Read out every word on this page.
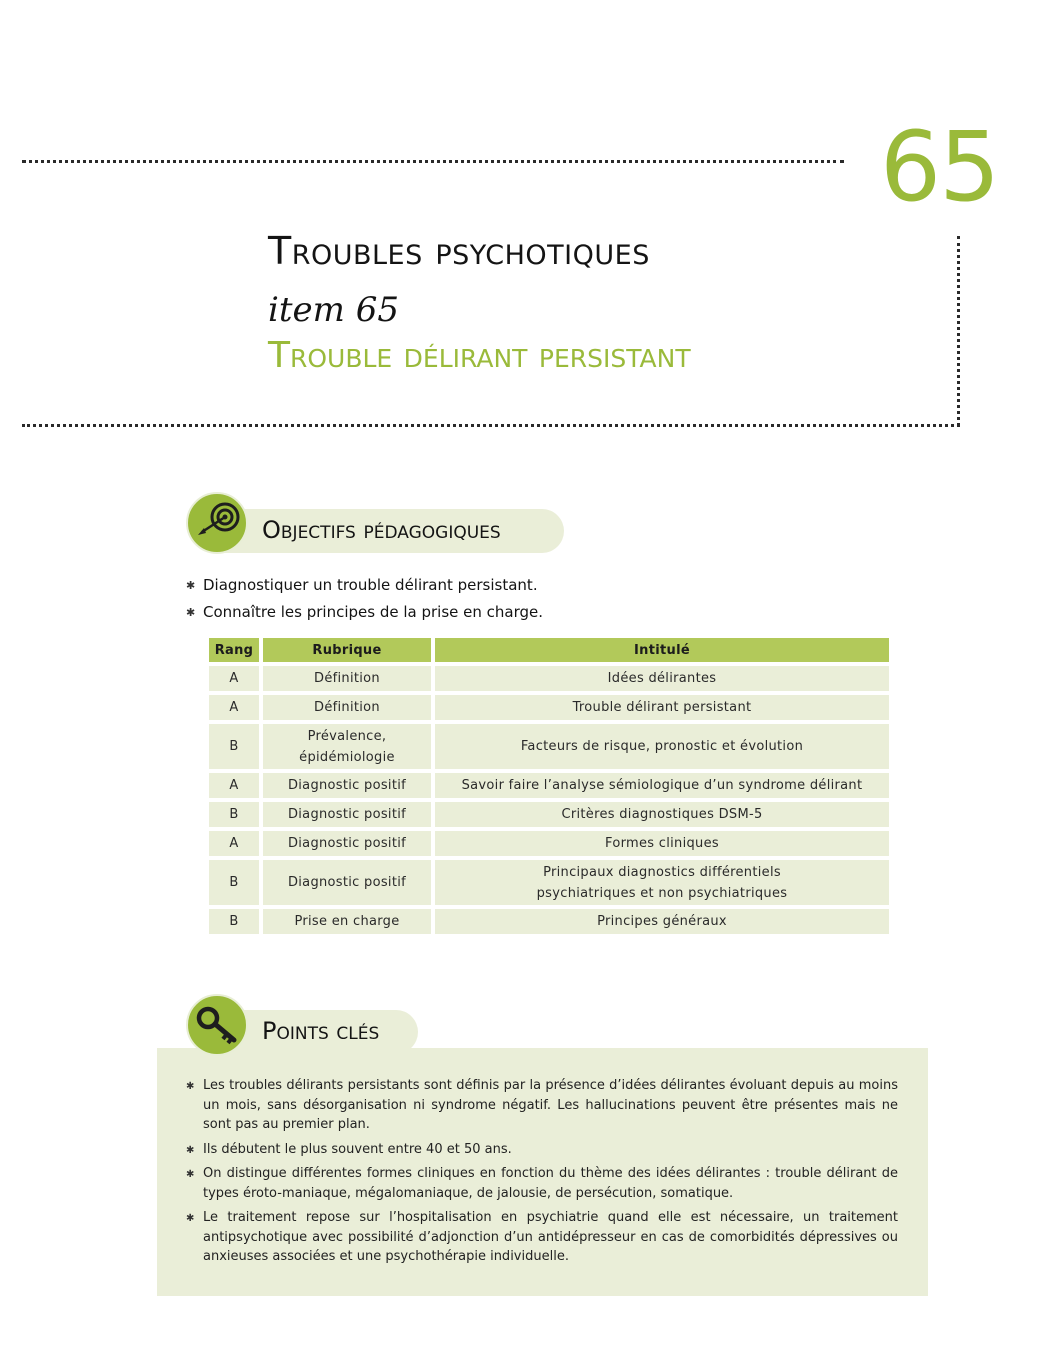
65
Troubles psychotiques
item 65
Trouble délirant persistant
Objectifs pédagogiques
✱ Diagnostiquer un trouble délirant persistant.
✱ Connaître les principes de la prise en charge.
Rang	Rubrique	Intitulé
A	Définition	Idées délirantes
A	Définition	Trouble délirant persistant
B	Prévalence, épidémiologie	Facteurs de risque, pronostic et évolution
A	Diagnostic positif	Savoir faire l’analyse sémiologique d’un syndrome délirant
B	Diagnostic positif	Critères diagnostiques DSM-5
A	Diagnostic positif	Formes cliniques
B	Diagnostic positif	Principaux diagnostics différentiels psychiatriques et non psychiatriques
B	Prise en charge	Principes généraux
Points clés
✱ Les troubles délirants persistants sont définis par la présence d’idées délirantes évoluant depuis au moins un mois, sans désorganisation ni syndrome négatif. Les hallucinations peuvent être présentes mais ne sont pas au premier plan.
✱ Ils débutent le plus souvent entre 40 et 50 ans.
✱ On distingue différentes formes cliniques en fonction du thème des idées délirantes : trouble délirant de types éroto-maniaque, mégalomaniaque, de jalousie, de persécution, somatique.
✱ Le traitement repose sur l’hospitalisation en psychiatrie quand elle est nécessaire, un traitement antipsychotique avec possibilité d’adjonction d’un antidépresseur en cas de comorbidités dépressives ou anxieuses associées et une psychothérapie individuelle.
